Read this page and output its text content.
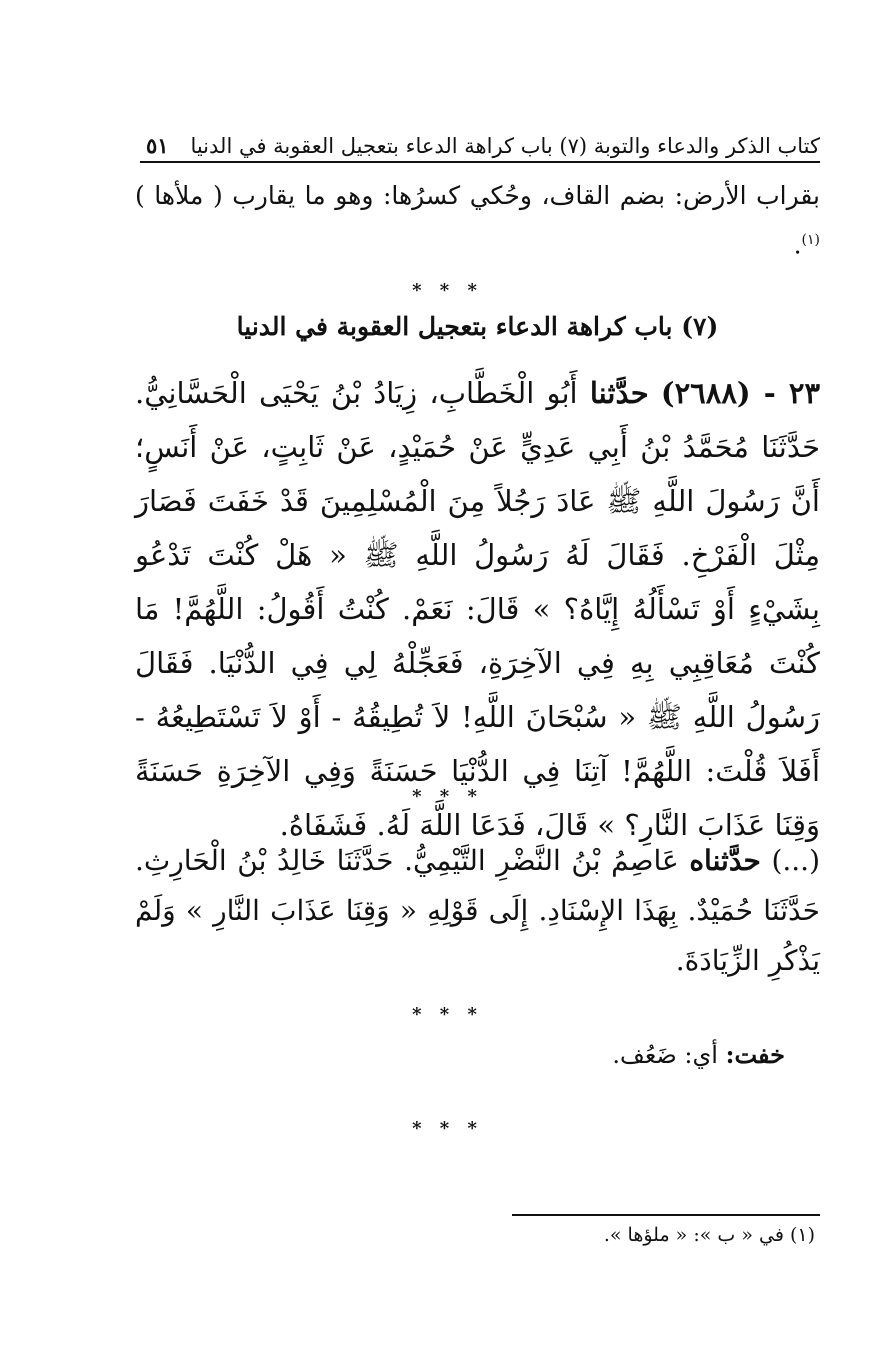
كتاب الذكر والدعاء والتوبة (٧) باب كراهة الدعاء بتعجيل العقوبة في الدنيا
٥١

بقراب الأرض: بضم القاف، وحُكي كسرُها: وهو ما يقارب ( ملأها )$^{(١)}$.

* * *
(٧) باب كراهة الدعاء بتعجيل العقوبة في الدنيا

٢٣ - (٢٦٨٨) حدَّثنا أَبُو الْخَطَّابِ، زِيَادُ بْنُ يَحْيَى الْحَسَّانِيُّ. حَدَّثَنَا مُحَمَّدُ بْنُ أَبِي عَدِيٍّ عَنْ حُمَيْدٍ، عَنْ ثَابِتٍ، عَنْ أَنَسٍ؛ أَنَّ رَسُولَ اللَّهِ ﷺ عَادَ رَجُلاً مِنَ الْمُسْلِمِينَ قَدْ خَفَتَ فَصَارَ مِثْلَ الْفَرْخِ. فَقَالَ لَهُ رَسُولُ اللَّهِ ﷺ « هَلْ كُنْتَ تَدْعُو بِشَيْءٍ أَوْ تَسْأَلُهُ إِيَّاهُ؟ » قَالَ: نَعَمْ. كُنْتُ أَقُولُ: اللَّهُمَّ! مَا كُنْتَ مُعَاقِبِي بِهِ فِي الآخِرَةِ، فَعَجِّلْهُ لِي فِي الدُّنْيَا. فَقَالَ رَسُولُ اللَّهِ ﷺ « سُبْحَانَ اللَّهِ! لاَ تُطِيقُهُ - أَوْ لاَ تَسْتَطِيعُهُ - أَفَلاَ قُلْتَ: اللَّهُمَّ! آتِنَا فِي الدُّنْيَا حَسَنَةً وَفِي الآخِرَةِ حَسَنَةً وَقِنَا عَذَابَ النَّارِ؟ » قَالَ، فَدَعَا اللَّهَ لَهُ. فَشَفَاهُ.

* * *

(...) حدَّثناه عَاصِمُ بْنُ النَّضْرِ التَّيْمِيُّ. حَدَّثَنَا خَالِدُ بْنُ الْحَارِثِ. حَدَّثَنَا حُمَيْدٌ. بِهَذَا الإِسْنَادِ. إِلَى قَوْلِهِ « وَقِنَا عَذَابَ النَّارِ » وَلَمْ يَذْكُرِ الزِّيَادَةَ.

* * *
خفت: أي: ضَعُف.
* * *
(١) في « ب »: « ملؤها ».
